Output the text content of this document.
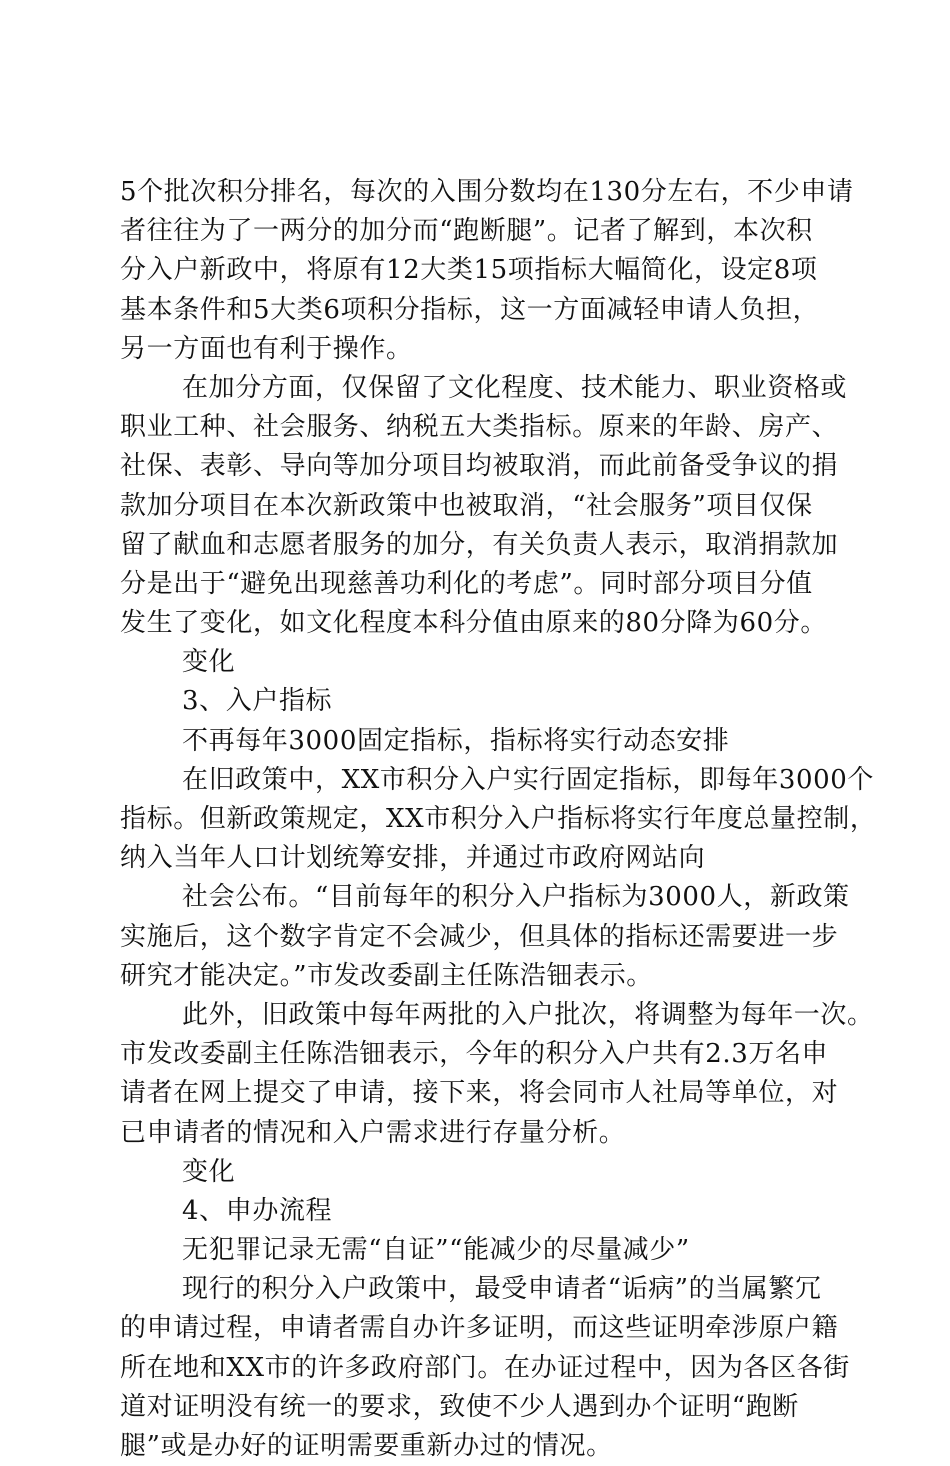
5个批次积分排名，每次的入围分数均在130分左右，不少申请
者往往为了一两分的加分而“跑断腿”。记者了解到，本次积
分入户新政中，将原有12大类15项指标大幅简化，设定8项
基本条件和5大类6项积分指标，这一方面减轻申请人负担，
另一方面也有利于操作。
在加分方面，仅保留了文化程度、技术能力、职业资格或
职业工种、社会服务、纳税五大类指标。原来的年龄、房产、
社保、表彰、导向等加分项目均被取消，而此前备受争议的捐
款加分项目在本次新政策中也被取消，“社会服务”项目仅保
留了献血和志愿者服务的加分，有关负责人表示，取消捐款加
分是出于“避免出现慈善功利化的考虑”。同时部分项目分值
发生了变化，如文化程度本科分值由原来的80分降为60分。
变化
3、入户指标
不再每年3000固定指标，指标将实行动态安排
在旧政策中，XX市积分入户实行固定指标，即每年3000个
指标。但新政策规定，XX市积分入户指标将实行年度总量控制，
纳入当年人口计划统筹安排，并通过市政府网站向
社会公布。“目前每年的积分入户指标为3000人，新政策
实施后，这个数字肯定不会减少，但具体的指标还需要进一步
研究才能决定。”市发改委副主任陈浩钿表示。
此外，旧政策中每年两批的入户批次，将调整为每年一次。
市发改委副主任陈浩钿表示，今年的积分入户共有2.3万名申
请者在网上提交了申请，接下来，将会同市人社局等单位，对
已申请者的情况和入户需求进行存量分析。
变化
4、申办流程
无犯罪记录无需“自证”“能减少的尽量减少”
现行的积分入户政策中，最受申请者“诟病”的当属繁冗
的申请过程，申请者需自办许多证明，而这些证明牵涉原户籍
所在地和XX市的许多政府部门。在办证过程中，因为各区各街
道对证明没有统一的要求，致使不少人遇到办个证明“跑断
腿”或是办好的证明需要重新办过的情况。
